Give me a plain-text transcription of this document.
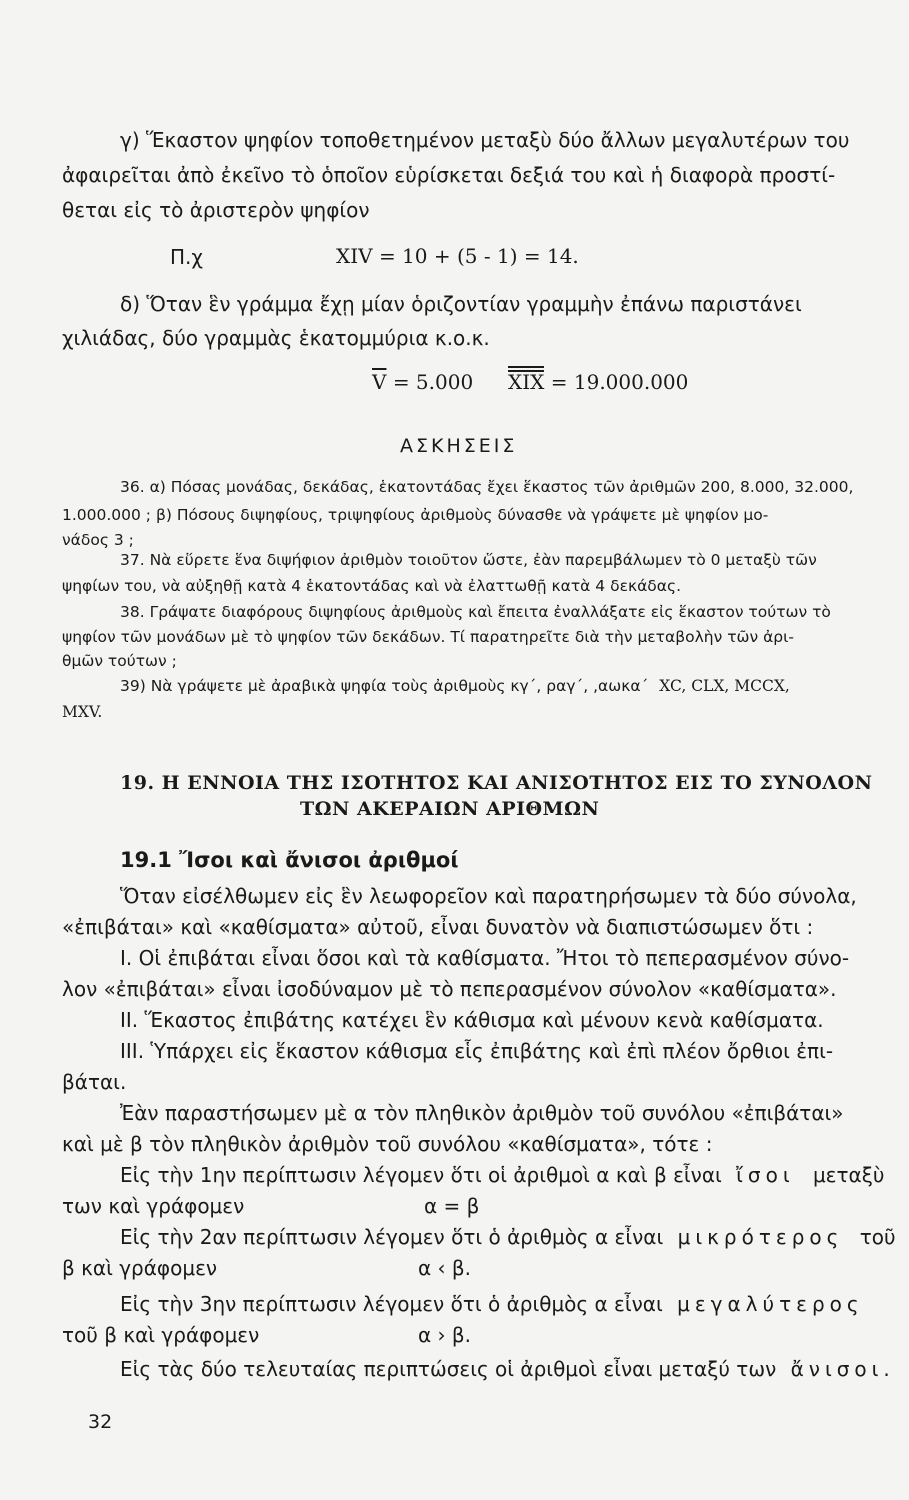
γ) Ἕκαστον ψηφίον τοποθετημένον μεταξὺ δύο ἄλλων μεγαλυτέρων του
ἀφαιρεῖται ἀπὸ ἐκεῖνο τὸ ὁποῖον εὑρίσκεται δεξιά του καὶ ἡ διαφορὰ προστί-
θεται εἰς τὸ ἀριστερὸν ψηφίον
Π.χ	XIV = 10 + (5 - 1) = 14.
δ) Ὅταν ἓν γράμμα ἔχῃ μίαν ὁριζοντίαν γραμμὴν ἐπάνω παριστάνει
χιλιάδας, δύο γραμμὰς ἑκατομμύρια κ.ο.κ.
$\overline{V} = 5.000$ XIX = 19.000.000
ΑΣΚΗΣΕΙΣ
36. α) Πόσας μονάδας, δεκάδας, ἑκατοντάδας ἔχει ἕκαστος τῶν ἀριθμῶν 200, 8.000, 32.000,
1.000.000 ; β) Πόσους διψηφίους, τριψηφίους ἀριθμοὺς δύνασθε νὰ γράψετε μὲ ψηφίον μο-
νάδος 3 ;
37. Νὰ εὕρετε ἕνα διψήφιον ἀριθμὸν τοιοῦτον ὥστε, ἐὰν παρεμβάλωμεν τὸ 0 μεταξὺ τῶν
ψηφίων του, νὰ αὐξηθῇ κατὰ 4 ἑκατοντάδας καὶ νὰ ἐλαττωθῇ κατὰ 4 δεκάδας.
38. Γράψατε διαφόρους διψηφίους ἀριθμοὺς καὶ ἔπειτα ἐναλλάξατε εἰς ἕκαστον τούτων τὸ
ψηφίον τῶν μονάδων μὲ τὸ ψηφίον τῶν δεκάδων. Τί παρατηρεῖτε διὰ τὴν μεταβολὴν τῶν ἀρι-
θμῶν τούτων ;
39) Νὰ γράψετε μὲ ἀραβικὰ ψηφία τοὺς ἀριθμοὺς κγ΄, ραγ΄, ,αωκα΄ XC, CLX, MCCX,
MXV.
19. Η ΕΝΝΟΙΑ ΤΗΣ ΙΣΟΤΗΤΟΣ ΚΑΙ ΑΝΙΣΟΤΗΤΟΣ ΕΙΣ ΤΟ ΣΥΝΟΛΟΝ
ΤΩΝ ΑΚΕΡΑΙΩΝ ΑΡΙΘΜΩΝ
19.1 Ἴσοι καὶ ἄνισοι ἀριθμοί
Ὅταν εἰσέλθωμεν εἰς ἓν λεωφορεῖον καὶ παρατηρήσωμεν τὰ δύο σύνολα,
«ἐπιβάται» καὶ «καθίσματα» αὐτοῦ, εἶναι δυνατὸν νὰ διαπιστώσωμεν ὅτι :
Ι. Οἱ ἐπιβάται εἶναι ὅσοι καὶ τὰ καθίσματα. Ἤτοι τὸ πεπερασμένον σύνο-
λον «ἐπιβάται» εἶναι ἰσοδύναμον μὲ τὸ πεπερασμένον σύνολον «καθίσματα».
ΙΙ. Ἕκαστος ἐπιβάτης κατέχει ἓν κάθισμα καὶ μένουν κενὰ καθίσματα.
ΙΙΙ. Ὑπάρχει εἰς ἕκαστον κάθισμα εἷς ἐπιβάτης καὶ ἐπὶ πλέον ὄρθιοι ἐπι-
βάται.
Ἐὰν παραστήσωμεν μὲ α τὸν πληθικὸν ἀριθμὸν τοῦ συνόλου «ἐπιβάται»
καὶ μὲ β τὸν πληθικὸν ἀριθμὸν τοῦ συνόλου «καθίσματα», τότε :
Εἰς τὴν 1ην περίπτωσιν λέγομεν ὅτι οἱ ἀριθμοὶ α καὶ β εἶναι ἴσοι μεταξὺ
των καὶ γράφομεν	α = β
Εἰς τὴν 2αν περίπτωσιν λέγομεν ὅτι ὁ ἀριθμὸς α εἶναι μικρότερος τοῦ
β καὶ γράφομεν	α ‹ β.
Εἰς τὴν 3ην περίπτωσιν λέγομεν ὅτι ὁ ἀριθμὸς α εἶναι μεγαλύτερος
τοῦ β καὶ γράφομεν	α › β.
Εἰς τὰς δύο τελευταίας περιπτώσεις οἱ ἀριθμοὶ εἶναι μεταξύ των ἄνισοι.
32
